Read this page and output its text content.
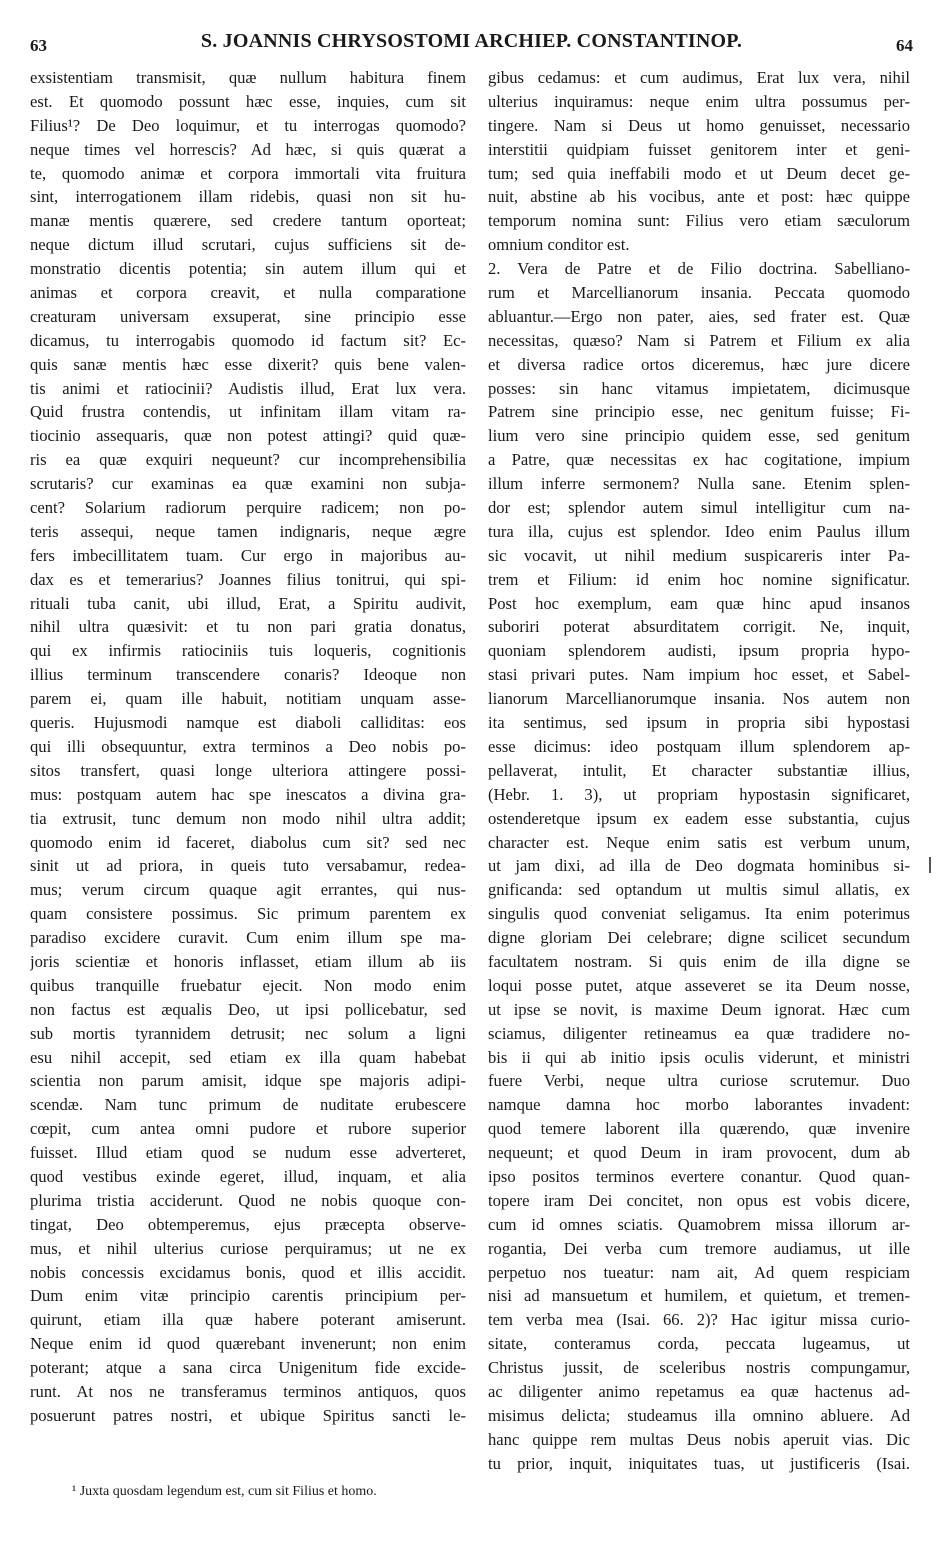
63	S. JOANNIS CHRYSOSTOMI ARCHIEP. CONSTANTINOP.	64
exsistentiam transmisit, quæ nullum habitura finem
est. Et quomodo possunt hæc esse, inquies, cum sit
Filius¹? De Deo loquimur, et tu interrogas quomodo?
neque times vel horrescis? Ad hæc, si quis quærat a
te, quomodo animæ et corpora immortali vita fruitura
sint, interrogationem illam ridebis, quasi non sit hu-
manæ mentis quærere, sed credere tantum oporteat;
neque dictum illud scrutari, cujus sufficiens sit de-
monstratio dicentis potentia; sin autem illum qui et
animas et corpora creavit, et nulla comparatione
creaturam universam exsuperat, sine principio esse
dicamus, tu interrogabis quomodo id factum sit? Ec-
quis sanæ mentis hæc esse dixerit? quis bene valen-
tis animi et ratiocinii? Audistis illud, Erat lux vera.
Quid frustra contendis, ut infinitam illam vitam ra-
tiocinio assequaris, quæ non potest attingi? quid quæ-
ris ea quæ exquiri nequeunt? cur incomprehensibilia
scrutaris? cur examinas ea quæ examini non subja-
cent? Solarium radiorum perquire radicem; non po-
teris assequi, neque tamen indignaris, neque ægre
fers imbecillitatem tuam. Cur ergo in majoribus au-
dax es et temerarius? Joannes filius tonitrui, qui spi-
rituali tuba canit, ubi illud, Erat, a Spiritu audivit,
nihil ultra quæsivit: et tu non pari gratia donatus,
qui ex infirmis ratiociniis tuis loqueris, cognitionis
illius terminum transcendere conaris? Ideoque non
parem ei, quam ille habuit, notitiam unquam asse-
queris. Hujusmodi namque est diaboli calliditas: eos
qui illi obsequuntur, extra terminos a Deo nobis po-
sitos transfert, quasi longe ulteriora attingere possi-
mus: postquam autem hac spe inescatos a divina gra-
tia extrusit, tunc demum non modo nihil ultra addit;
quomodo enim id faceret, diabolus cum sit? sed nec
sinit ut ad priora, in queis tuto versabamur, redea-
mus; verum circum quaque agit errantes, qui nus-
quam consistere possimus. Sic primum parentem ex
paradiso excidere curavit. Cum enim illum spe ma-
joris scientiæ et honoris inflasset, etiam illum ab iis
quibus tranquille fruebatur ejecit. Non modo enim
non factus est æqualis Deo, ut ipsi pollicebatur, sed
sub mortis tyrannidem detrusit; nec solum a ligni
esu nihil accepit, sed etiam ex illa quam habebat
scientia non parum amisit, idque spe majoris adipi-
scendæ. Nam tunc primum de nuditate erubescere
cœpit, cum antea omni pudore et rubore superior
fuisset. Illud etiam quod se nudum esse adverteret,
quod vestibus exinde egeret, illud, inquam, et alia
plurima tristia acciderunt. Quod ne nobis quoque con-
tingat, Deo obtemperemus, ejus præcepta observe-
mus, et nihil ulterius curiose perquiramus; ut ne ex
nobis concessis excidamus bonis, quod et illis accidit.
Dum enim vitæ principio carentis principium per-
quirunt, etiam illa quæ habere poterant amiserunt.
Neque enim id quod quærebant invenerunt; non enim
poterant; atque a sana circa Unigenitum fide excide-
runt. At nos ne transferamus terminos antiquos, quos
posuerunt patres nostri, et ubique Spiritus sancti le-
gibus cedamus: et cum audimus, Erat lux vera, nihil
ulterius inquiramus: neque enim ultra possumus per-
tingere. Nam si Deus ut homo genuisset, necessario
interstitii quidpiam fuisset genitorem inter et geni-
tum; sed quia ineffabili modo et ut Deum decet ge-
nuit, abstine ab his vocibus, ante et post: hæc quippe
temporum nomina sunt: Filius vero etiam sæculorum
omnium conditor est.
2. Vera de Patre et de Filio doctrina. Sabelliano-
rum et Marcellianorum insania. Peccata quomodo
abluantur.—Ergo non pater, aies, sed frater est. Quæ
necessitas, quæso? Nam si Patrem et Filium ex alia
et diversa radice ortos diceremus, hæc jure dicere
posses: sin hanc vitamus impietatem, dicimusque
Patrem sine principio esse, nec genitum fuisse; Fi-
lium vero sine principio quidem esse, sed genitum
a Patre, quæ necessitas ex hac cogitatione, impium
illum inferre sermonem? Nulla sane. Etenim splen-
dor est; splendor autem simul intelligitur cum na-
tura illa, cujus est splendor. Ideo enim Paulus illum
sic vocavit, ut nihil medium suspicareris inter Pa-
trem et Filium: id enim hoc nomine significatur.
Post hoc exemplum, eam quæ hinc apud insanos
suboriri poterat absurditatem corrigit. Ne, inquit,
quoniam splendorem audisti, ipsum propria hypo-
stasi privari putes. Nam impium hoc esset, et Sabel-
lianorum Marcellianorumque insania. Nos autem non
ita sentimus, sed ipsum in propria sibi hypostasi
esse dicimus: ideo postquam illum splendorem ap-
pellaverat, intulit, Et character substantiæ illius,
(Hebr. 1. 3), ut propriam hypostasin significaret,
ostenderetque ipsum ex eadem esse substantia, cujus
character est. Neque enim satis est verbum unum,
ut jam dixi, ad illa de Deo dogmata hominibus si-
gnificanda: sed optandum ut multis simul allatis, ex
singulis quod conveniat seligamus. Ita enim poterimus
digne gloriam Dei celebrare; digne scilicet secundum
facultatem nostram. Si quis enim de illa digne se
loqui posse putet, atque asseveret se ita Deum nosse,
ut ipse se novit, is maxime Deum ignorat. Hæc cum
sciamus, diligenter retineamus ea quæ tradidere no-
bis ii qui ab initio ipsis oculis viderunt, et ministri
fuere Verbi, neque ultra curiose scrutemur. Duo
namque damna hoc morbo laborantes invadent:
quod temere laborent illa quærendo, quæ invenire
nequeunt; et quod Deum in iram provocent, dum ab
ipso positos terminos evertere conantur. Quod quan-
topere iram Dei concitet, non opus est vobis dicere,
cum id omnes sciatis. Quamobrem missa illorum ar-
rogantia, Dei verba cum tremore audiamus, ut ille
perpetuo nos tueatur: nam ait, Ad quem respiciam
nisi ad mansuetum et humilem, et quietum, et tremen-
tem verba mea (Isai. 66. 2)? Hac igitur missa curio-
sitate, conteramus corda, peccata lugeamus, ut
Christus jussit, de sceleribus nostris compungamur,
ac diligenter animo repetamus ea quæ hactenus ad-
misimus delicta; studeamus illa omnino abluere. Ad
hanc quippe rem multas Deus nobis aperuit vias. Dic
tu prior, inquit, iniquitates tuas, ut justificeris (Isai.
¹ Juxta quosdam legendum est, cum sit Filius et homo.
